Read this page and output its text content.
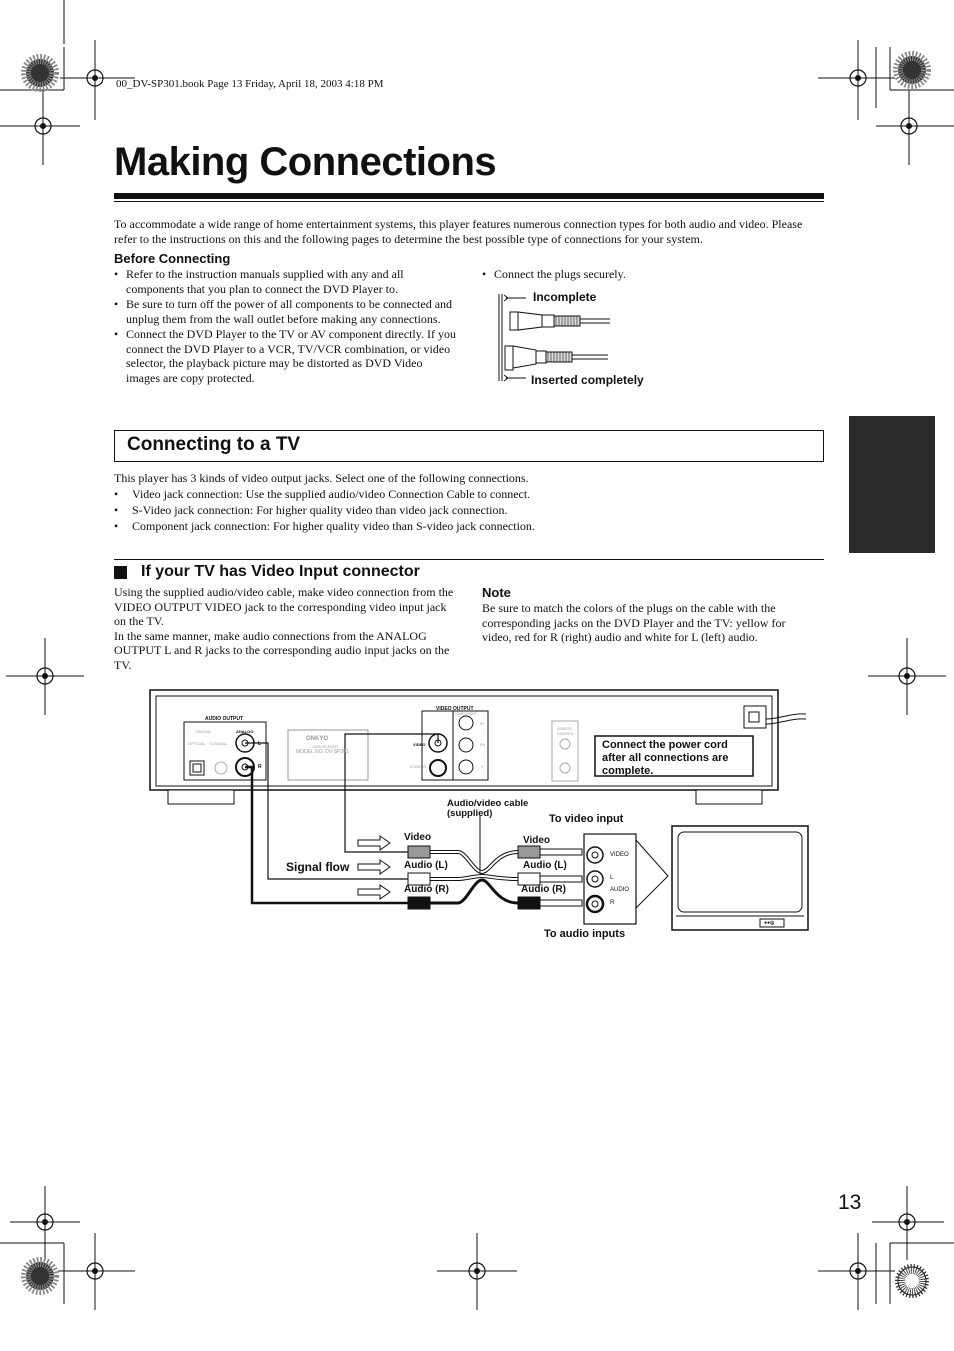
00_DV-SP301.book Page 13 Friday, April 18, 2003 4:18 PM
Making Connections
To accommodate a wide range of home entertainment systems, this player features numerous connection types for both audio and video. Please refer to the instructions on this and the following pages to determine the best possible type of connections for your system.
Before Connecting
• Refer to the instruction manuals supplied with any and all components that you plan to connect the DVD Player to.
• Be sure to turn off the power of all components to be connected and unplug them from the wall outlet before making any connections.
• Connect the DVD Player to the TV or AV component directly. If you connect the DVD Player to a VCR, TV/VCR combination, or video selector, the playback picture may be distorted as DVD Video images are copy protected.
• Connect the plugs securely.
Incomplete
Inserted completely
Connecting to a TV
This player has 3 kinds of video output jacks. Select one of the following connections.
• Video jack connection: Use the supplied audio/video Connection Cable to connect.
• S-Video jack connection: For higher quality video than video jack connection.
• Component jack connection: For higher quality video than S-video jack connection.
If your TV has Video Input connector
Using the supplied audio/video cable, make video connection from the VIDEO OUTPUT VIDEO jack to the corresponding video input jack on the TV.
In the same manner, make audio connections from the ANALOG OUTPUT L and R jacks to the corresponding audio input jacks on the TV.
Note
Be sure to match the colors of the plugs on the cable with the corresponding jacks on the DVD Player and the TV: yellow for video, red for R (right) audio and white for L (left) audio.
AUDIO OUTPUT
DIGITAL	ANALOG
OPTICAL COAXIAL	L
R
ONKYO
DVD PLAYER
MODEL NO. DV-SP301
VIDEO OUTPUT
COMPONENT
VIDEO
S VIDEO
Pr
Pb
Y
REMOTE CONTROL
●●◎
Connect the power cord after all connections are complete.
Audio/video cable
(supplied)	To video input
To audio inputs
Signal flow
Video
Audio (L)
Audio (R)
Video
Audio (L)
Audio (R)
VIDEO
L
AUDIO
R
13
